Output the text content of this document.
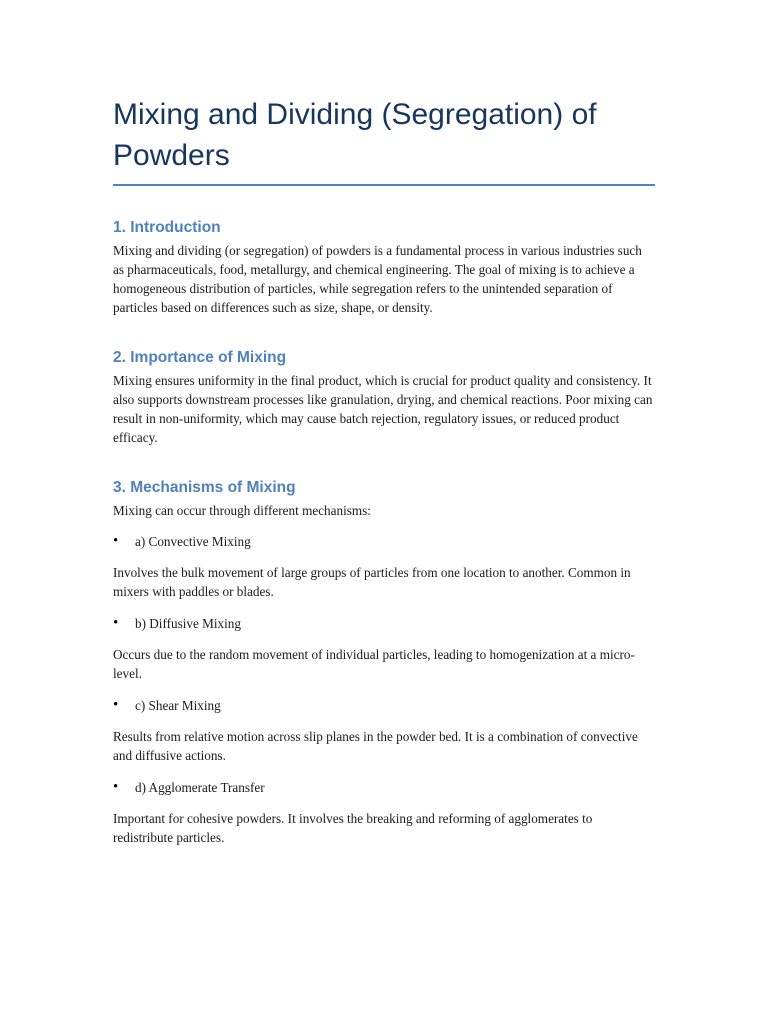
Mixing and Dividing (Segregation) of Powders
1. Introduction

Mixing and dividing (or segregation) of powders is a fundamental process in various industries such as pharmaceuticals, food, metallurgy, and chemical engineering. The goal of mixing is to achieve a homogeneous distribution of particles, while segregation refers to the unintended separation of particles based on differences such as size, shape, or density.

2. Importance of Mixing

Mixing ensures uniformity in the final product, which is crucial for product quality and consistency. It also supports downstream processes like granulation, drying, and chemical reactions. Poor mixing can result in non-uniformity, which may cause batch rejection, regulatory issues, or reduced product efficacy.

3. Mechanisms of Mixing

Mixing can occur through different mechanisms:

•	a) Convective Mixing

Involves the bulk movement of large groups of particles from one location to another. Common in mixers with paddles or blades.

•	b) Diffusive Mixing

Occurs due to the random movement of individual particles, leading to homogenization at a micro-level.

•	c) Shear Mixing

Results from relative motion across slip planes in the powder bed. It is a combination of convective and diffusive actions.

•	d) Agglomerate Transfer

Important for cohesive powders. It involves the breaking and reforming of agglomerates to redistribute particles.
